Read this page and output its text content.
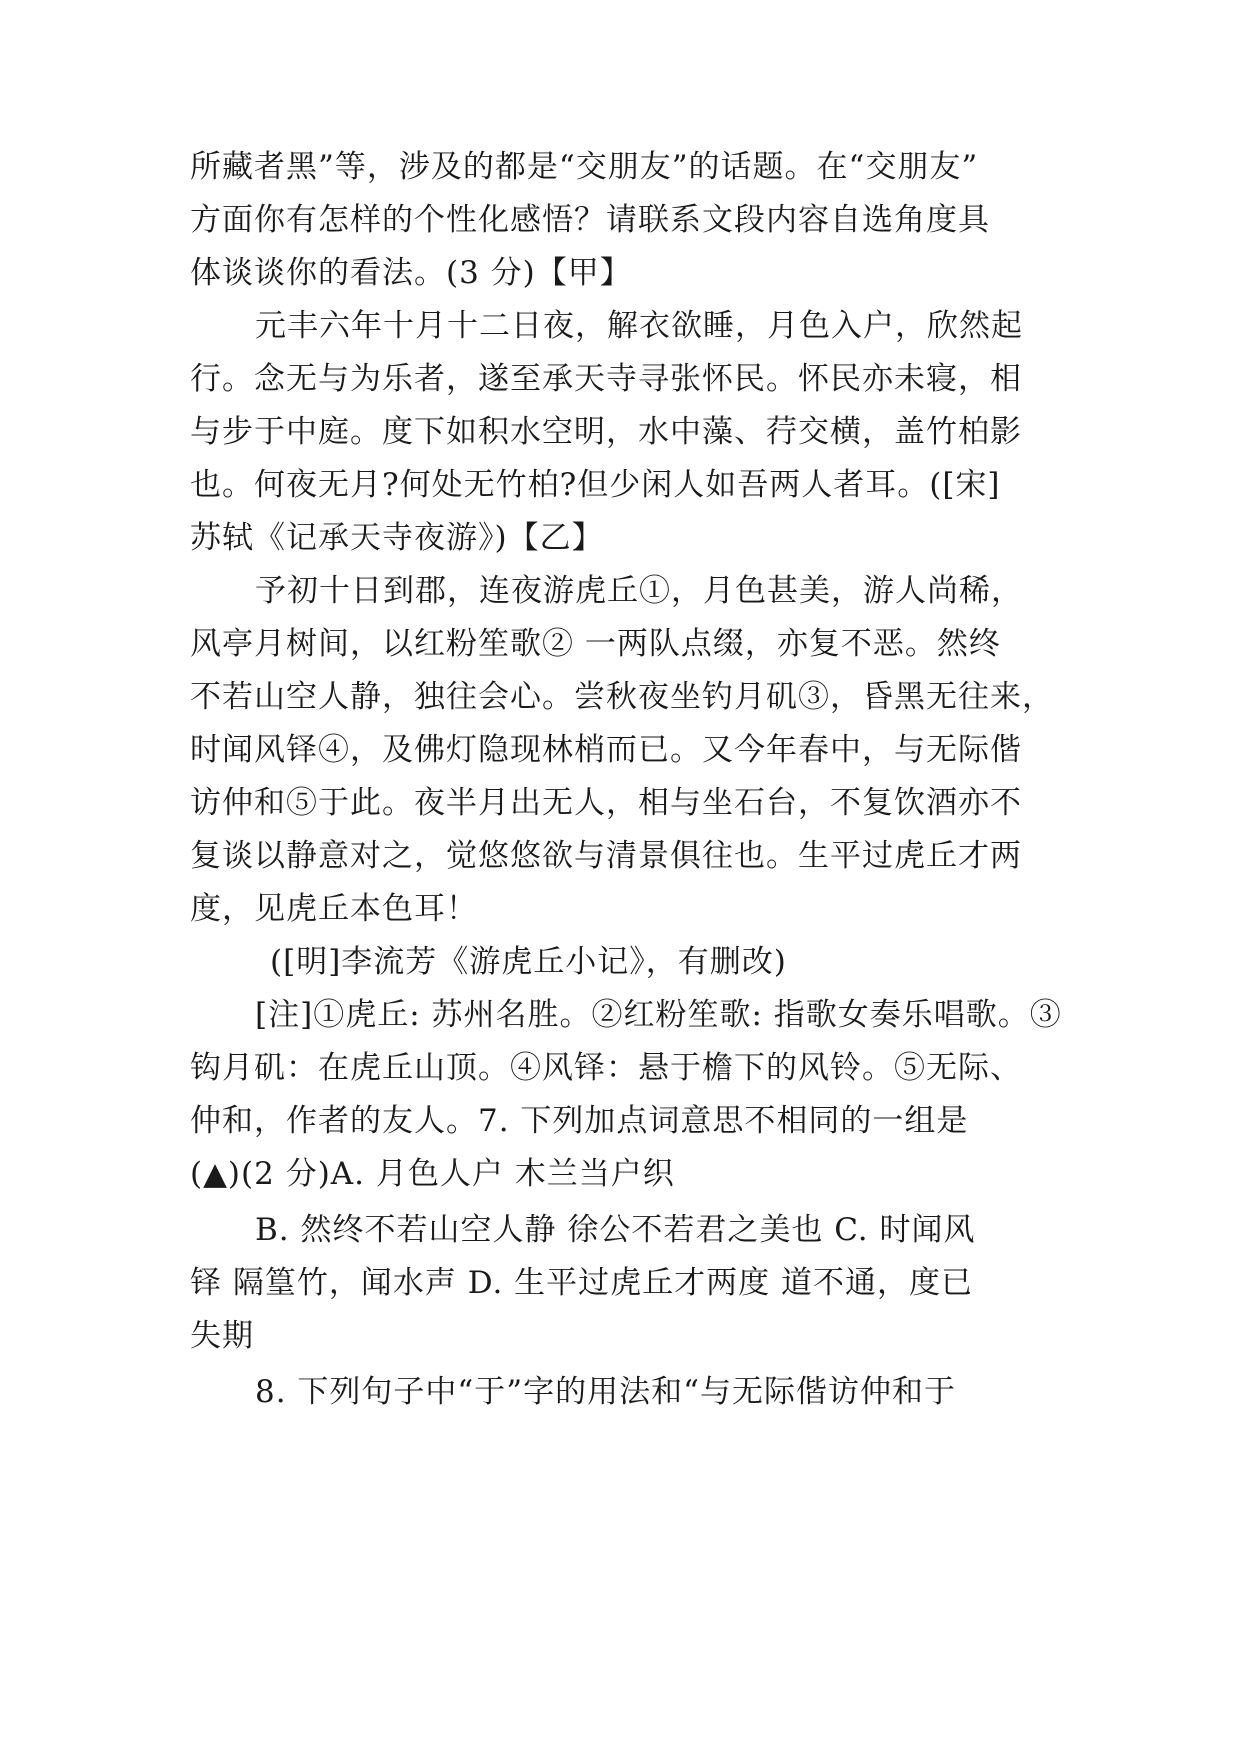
所藏者黑”等，涉及的都是“交朋友”的话题。在“交朋友”
方面你有怎样的个性化感悟？请联系文段内容自选角度具
体谈谈你的看法。(3 分)【甲】
元丰六年十月十二日夜，解衣欲睡，月色入户，欣然起
行。念无与为乐者，遂至承天寺寻张怀民。怀民亦未寝，相
与步于中庭。度下如积水空明，水中藻、荇交横，盖竹柏影
也。何夜无月?何处无竹柏?但少闲人如吾两人者耳。([宋]
苏轼《记承天寺夜游》)【乙】
予初十日到郡，连夜游虎丘①，月色甚美，游人尚稀，
风亭月树间，以红粉笙歌② 一两队点缀，亦复不恶。然终
不若山空人静，独往会心。尝秋夜坐钓月矶③，昏黑无往来，
时闻风铎④，及佛灯隐现林梢而已。又今年春中，与无际偕
访仲和⑤于此。夜半月出无人，相与坐石台，不复饮酒亦不
复谈以静意对之，觉悠悠欲与清景俱往也。生平过虎丘才两
度，见虎丘本色耳！
([明]李流芳《游虎丘小记》，有删改)
[注]①虎丘: 苏州名胜。②红粉笙歌: 指歌女奏乐唱歌。③
钩月矶：在虎丘山顶。④风铎：悬于檐下的风铃。⑤无际、
仲和，作者的友人。7. 下列加点词意思不相同的一组是
(▲)(2 分)A. 月色人户 木兰当户织
B. 然终不若山空人静 徐公不若君之美也 C. 时闻风
铎 隔篁竹，闻水声 D. 生平过虎丘才两度 道不通，度已
失期
8. 下列句子中“于”字的用法和“与无际偕访仲和于
